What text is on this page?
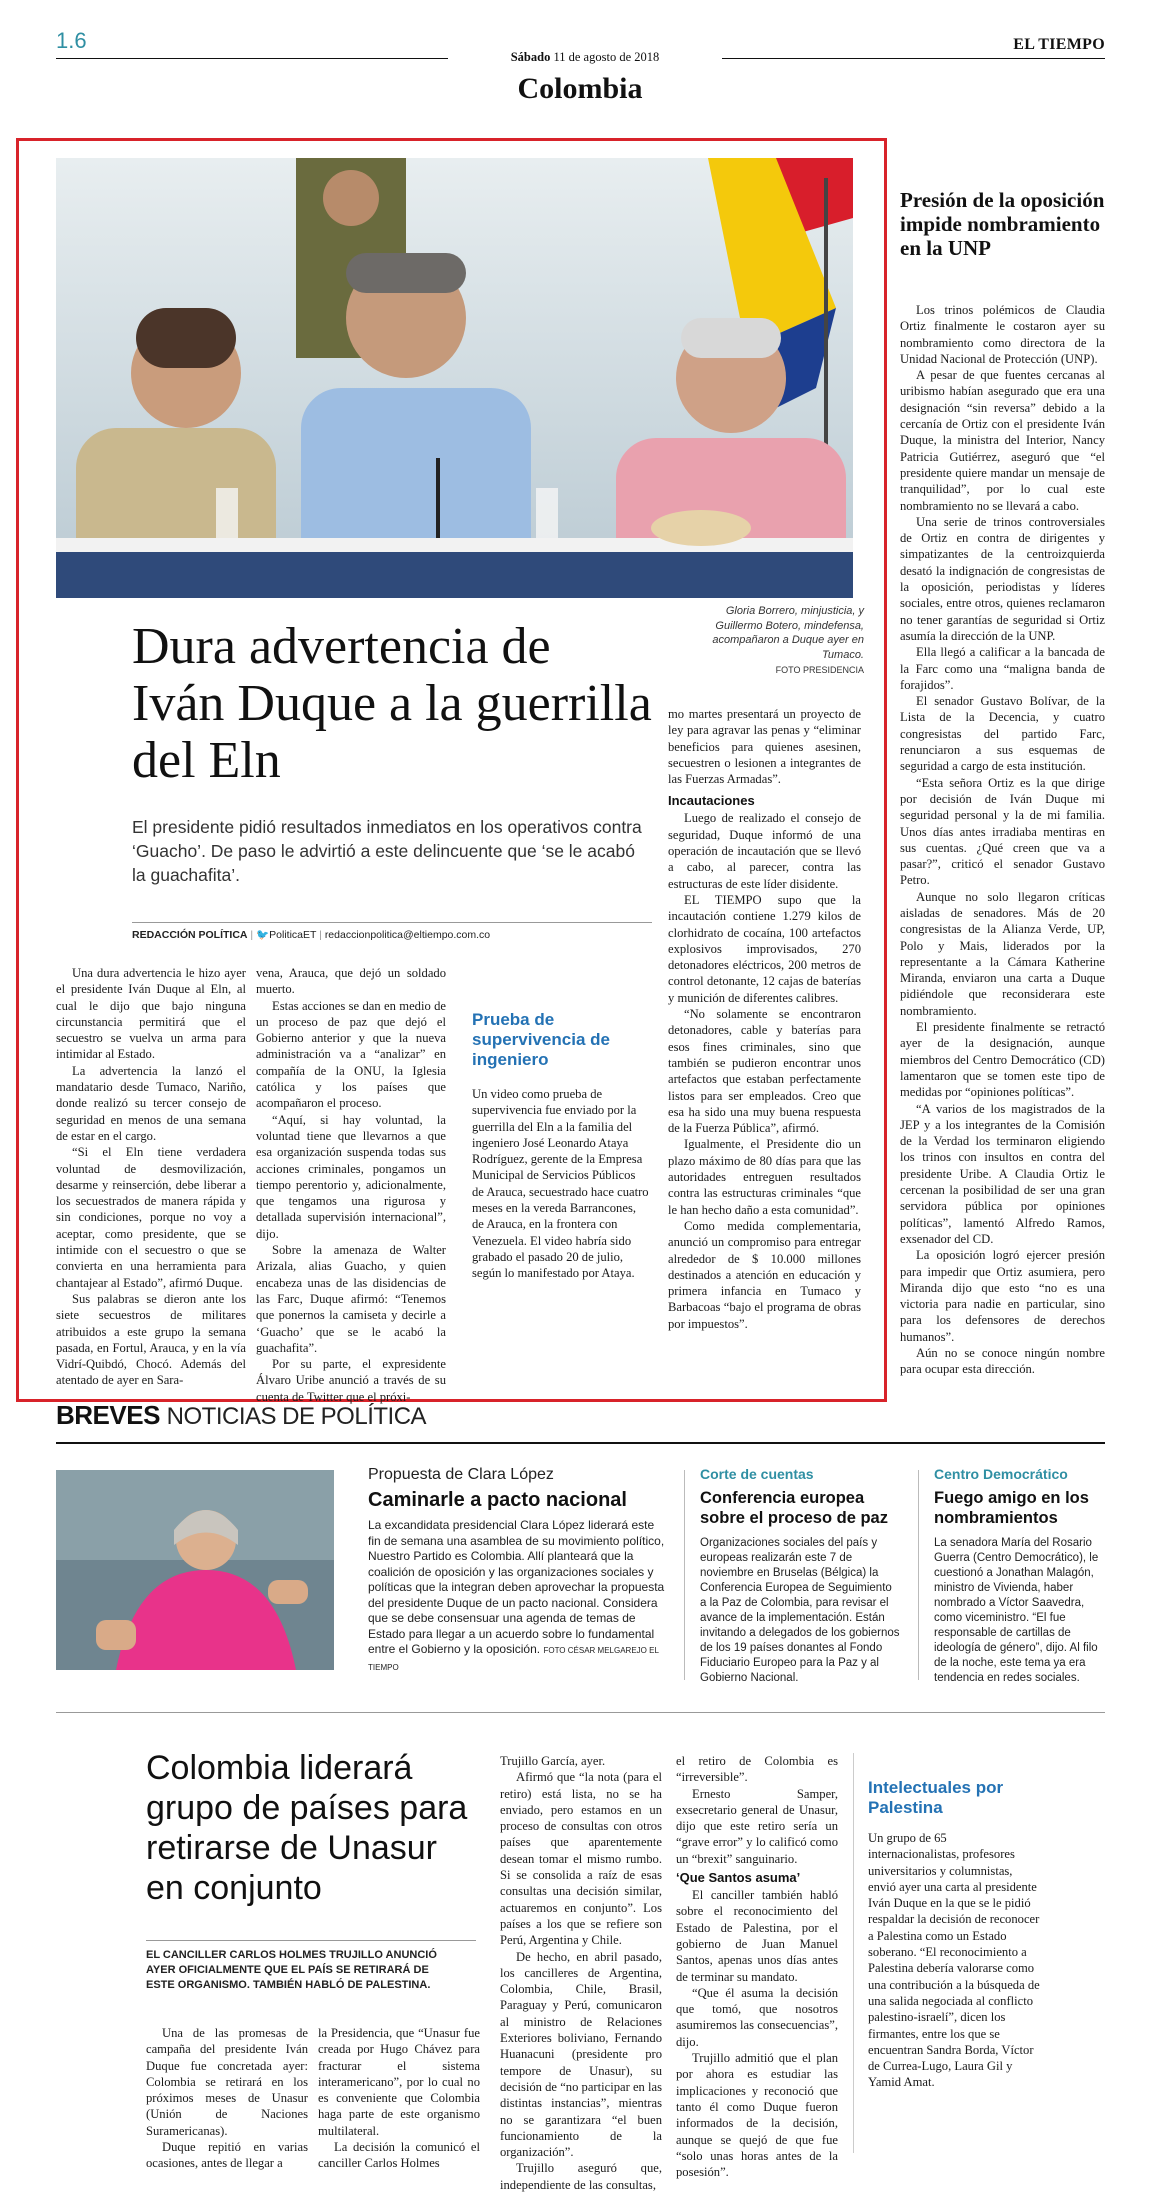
1.6
Sábado 11 de agosto de 2018
EL TIEMPO
Colombia
Dura advertencia de Iván Duque a la guerrilla del Eln
El presidente pidió resultados inmediatos en los operativos contra ‘Guacho’. De paso le advirtió a este delincuente que ‘se le acabó la guachafita’.
REDACCIÓN POLÍTICA | 🐦PoliticaET | redaccionpolitica@eltiempo.com.co
Gloria Borrero, minjusticia, y Guillermo Botero, mindefensa, acompañaron a Duque ayer en Tumaco.
FOTO PRESIDENCIA

Una dura advertencia le hizo ayer el presidente Iván Duque al Eln, al cual le dijo que bajo ninguna circunstancia permitirá que el secuestro se vuelva un arma para intimidar al Estado.

La advertencia la lanzó el mandatario desde Tumaco, Nariño, donde realizó su tercer consejo de seguridad en menos de una semana de estar en el cargo.

“Si el Eln tiene verdadera voluntad de desmovilización, desarme y reinserción, debe liberar a los secuestrados de manera rápida y sin condiciones, porque no voy a aceptar, como presidente, que se intimide con el secuestro o que se convierta en una herramienta para chantajear al Estado”, afirmó Duque.

Sus palabras se dieron ante los siete secuestros de militares atribuidos a este grupo la semana pasada, en Fortul, Arauca, y en la vía Vidrí-Quibdó, Chocó. Además del atentado de ayer en Sara-

vena, Arauca, que dejó un soldado muerto.

Estas acciones se dan en medio de un proceso de paz que dejó el Gobierno anterior y que la nueva administración va a “analizar” en compañía de la ONU, la Iglesia católica y los países que acompañaron el proceso.

“Aquí, si hay voluntad, la voluntad tiene que llevarnos a que esa organización suspenda todas sus acciones criminales, pongamos un tiempo perentorio y, adicionalmente, que tengamos una rigurosa y detallada supervisión internacional”, dijo.

Sobre la amenaza de Walter Arizala, alias Guacho, y quien encabeza unas de las disidencias de las Farc, Duque afirmó: “Tenemos que ponernos la camiseta y decirle a ‘Guacho’ que se le acabó la guachafita”.

Por su parte, el expresidente Álvaro Uribe anunció a través de su cuenta de Twitter que el próxi-

Prueba de supervivencia de ingeniero

Un video como prueba de supervivencia fue enviado por la guerrilla del Eln a la familia del ingeniero José Leonardo Ataya Rodríguez, gerente de la Empresa Municipal de Servicios Públicos de Arauca, secuestrado hace cuatro meses en la vereda Barrancones, de Arauca, en la frontera con Venezuela. El video habría sido grabado el pasado 20 de julio, según lo manifestado por Ataya.

mo martes presentará un proyecto de ley para agravar las penas y “eliminar beneficios para quienes asesinen, secuestren o lesionen a integrantes de las Fuerzas Armadas”.

Incautaciones

Luego de realizado el consejo de seguridad, Duque informó de una operación de incautación que se llevó a cabo, al parecer, contra las estructuras de este líder disidente.

EL TIEMPO supo que la incautación contiene 1.279 kilos de clorhidrato de cocaína, 100 artefactos explosivos improvisados, 270 detonadores eléctricos, 200 metros de control detonante, 12 cajas de baterías y munición de diferentes calibres.

“No solamente se encontraron detonadores, cable y baterías para esos fines criminales, sino que también se pudieron encontrar unos artefactos que estaban perfectamente listos para ser empleados. Creo que esa ha sido una muy buena respuesta de la Fuerza Pública”, afirmó.

Igualmente, el Presidente dio un plazo máximo de 80 días para que las autoridades entreguen resultados contra las estructuras criminales “que le han hecho daño a esta comunidad”.

Como medida complementaria, anunció un compromiso para entregar alrededor de $ 10.000 millones destinados a atención en educación y primera infancia en Tumaco y Barbacoas “bajo el programa de obras por impuestos”.

Presión de la oposición impide nombramiento en la UNP

Los trinos polémicos de Claudia Ortiz finalmente le costaron ayer su nombramiento como directora de la Unidad Nacional de Protección (UNP).

A pesar de que fuentes cercanas al uribismo habían asegurado que era una designación “sin reversa” debido a la cercanía de Ortiz con el presidente Iván Duque, la ministra del Interior, Nancy Patricia Gutiérrez, aseguró que “el presidente quiere mandar un mensaje de tranquilidad”, por lo cual este nombramiento no se llevará a cabo.

Una serie de trinos controversiales de Ortiz en contra de dirigentes y simpatizantes de la centroizquierda desató la indignación de congresistas de la oposición, periodistas y líderes sociales, entre otros, quienes reclamaron no tener garantías de seguridad si Ortiz asumía la dirección de la UNP.

Ella llegó a calificar a la bancada de la Farc como una “maligna banda de forajidos”.

El senador Gustavo Bolívar, de la Lista de la Decencia, y cuatro congresistas del partido Farc, renunciaron a sus esquemas de seguridad a cargo de esta institución.

“Esta señora Ortiz es la que dirige por decisión de Iván Duque mi seguridad personal y la de mi familia. Unos días antes irradiaba mentiras en sus cuentas. ¿Qué creen que va a pasar?”, criticó el senador Gustavo Petro.

Aunque no solo llegaron críticas aisladas de senadores. Más de 20 congresistas de la Alianza Verde, UP, Polo y Mais, liderados por la representante a la Cámara Katherine Miranda, enviaron una carta a Duque pidiéndole que reconsiderara este nombramiento.

El presidente finalmente se retractó ayer de la designación, aunque miembros del Centro Democrático (CD) lamentaron que se tomen este tipo de medidas por “opiniones políticas”.

“A varios de los magistrados de la JEP y a los integrantes de la Comisión de la Verdad los terminaron eligiendo los trinos con insultos en contra del presidente Uribe. A Claudia Ortiz le cercenan la posibilidad de ser una gran servidora pública por opiniones políticas”, lamentó Alfredo Ramos, exsenador del CD.

La oposición logró ejercer presión para impedir que Ortiz asumiera, pero Miranda dijo que esto “no es una victoria para nadie en particular, sino para los defensores de derechos humanos”.

Aún no se conoce ningún nombre para ocupar esta dirección.

BREVES NOTICIAS DE POLÍTICA
Propuesta de Clara López
Caminarle a pacto nacional

La excandidata presidencial Clara López liderará este fin de semana una asamblea de su movimiento político, Nuestro Partido es Colombia. Allí planteará que la coalición de oposición y las organizaciones sociales y políticas que la integran deben aprovechar la propuesta del presidente Duque de un pacto nacional. Considera que se debe consensuar una agenda de temas de Estado para llegar a un acuerdo sobre lo fundamental entre el Gobierno y la oposición. FOTO CÉSAR MELGAREJO EL TIEMPO

Corte de cuentas
Conferencia europea sobre el proceso de paz

Organizaciones sociales del país y europeas realizarán este 7 de noviembre en Bruselas (Bélgica) la Conferencia Europea de Seguimiento a la Paz de Colombia, para revisar el avance de la implementación. Están invitando a delegados de los gobiernos de los 19 países donantes al Fondo Fiduciario Europeo para la Paz y al Gobierno Nacional.

Centro Democrático
Fuego amigo en los nombramientos

La senadora María del Rosario Guerra (Centro Democrático), le cuestionó a Jonathan Malagón, ministro de Vivienda, haber nombrado a Víctor Saavedra, como viceministro. “El fue responsable de cartillas de ideología de género”, dijo. Al filo de la noche, este tema ya era tendencia en redes sociales.

Colombia liderará grupo de países para retirarse de Unasur en conjunto
EL CANCILLER CARLOS HOLMES TRUJILLO ANUNCIÓ AYER OFICIALMENTE QUE EL PAÍS SE RETIRARÁ DE ESTE ORGANISMO. TAMBIÉN HABLÓ DE PALESTINA.

Una de las promesas de campaña del presidente Iván Duque fue concretada ayer: Colombia se retirará en los próximos meses de Unasur (Unión de Naciones Suramericanas).

Duque repitió en varias ocasiones, antes de llegar a

la Presidencia, que “Unasur fue creada por Hugo Chávez para fracturar el sistema interamericano”, por lo cual no es conveniente que Colombia haga parte de este organismo multilateral.

La decisión la comunicó el canciller Carlos Holmes

Trujillo García, ayer.

Afirmó que “la nota (para el retiro) está lista, no se ha enviado, pero estamos en un proceso de consultas con otros países que aparentemente desean tomar el mismo rumbo. Si se consolida a raíz de esas consultas una decisión similar, actuaremos en conjunto”. Los países a los que se refiere son Perú, Argentina y Chile.

De hecho, en abril pasado, los cancilleres de Argentina, Colombia, Chile, Brasil, Paraguay y Perú, comunicaron al ministro de Relaciones Exteriores boliviano, Fernando Huanacuni (presidente pro tempore de Unasur), su decisión de “no participar en las distintas instancias”, mientras no se garantizara “el buen funcionamiento de la organización”.

Trujillo aseguró que, independiente de las consultas,

el retiro de Colombia es “irreversible”.

Ernesto Samper, exsecretario general de Unasur, dijo que este retiro sería un “grave error” y lo calificó como un “brexit” sanguinario.

‘Que Santos asuma’

El canciller también habló sobre el reconocimiento del Estado de Palestina, por el gobierno de Juan Manuel Santos, apenas unos días antes de terminar su mandato.

“Que él asuma la decisión que tomó, que nosotros asumiremos las consecuencias”, dijo.

Trujillo admitió que el plan por ahora es estudiar las implicaciones y reconoció que tanto él como Duque fueron informados de la decisión, aunque se quejó de que fue “solo unas horas antes de la posesión”.

Intelectuales por Palestina

Un grupo de 65 internacionalistas, profesores universitarios y columnistas, envió ayer una carta al presidente Iván Duque en la que se le pidió respaldar la decisión de reconocer a Palestina como un Estado soberano. “El reconocimiento a Palestina debería valorarse como una contribución a la búsqueda de una salida negociada al conflicto palestino-israelí”, dicen los firmantes, entre los que se encuentran Sandra Borda, Víctor de Currea-Lugo, Laura Gil y Yamid Amat.
